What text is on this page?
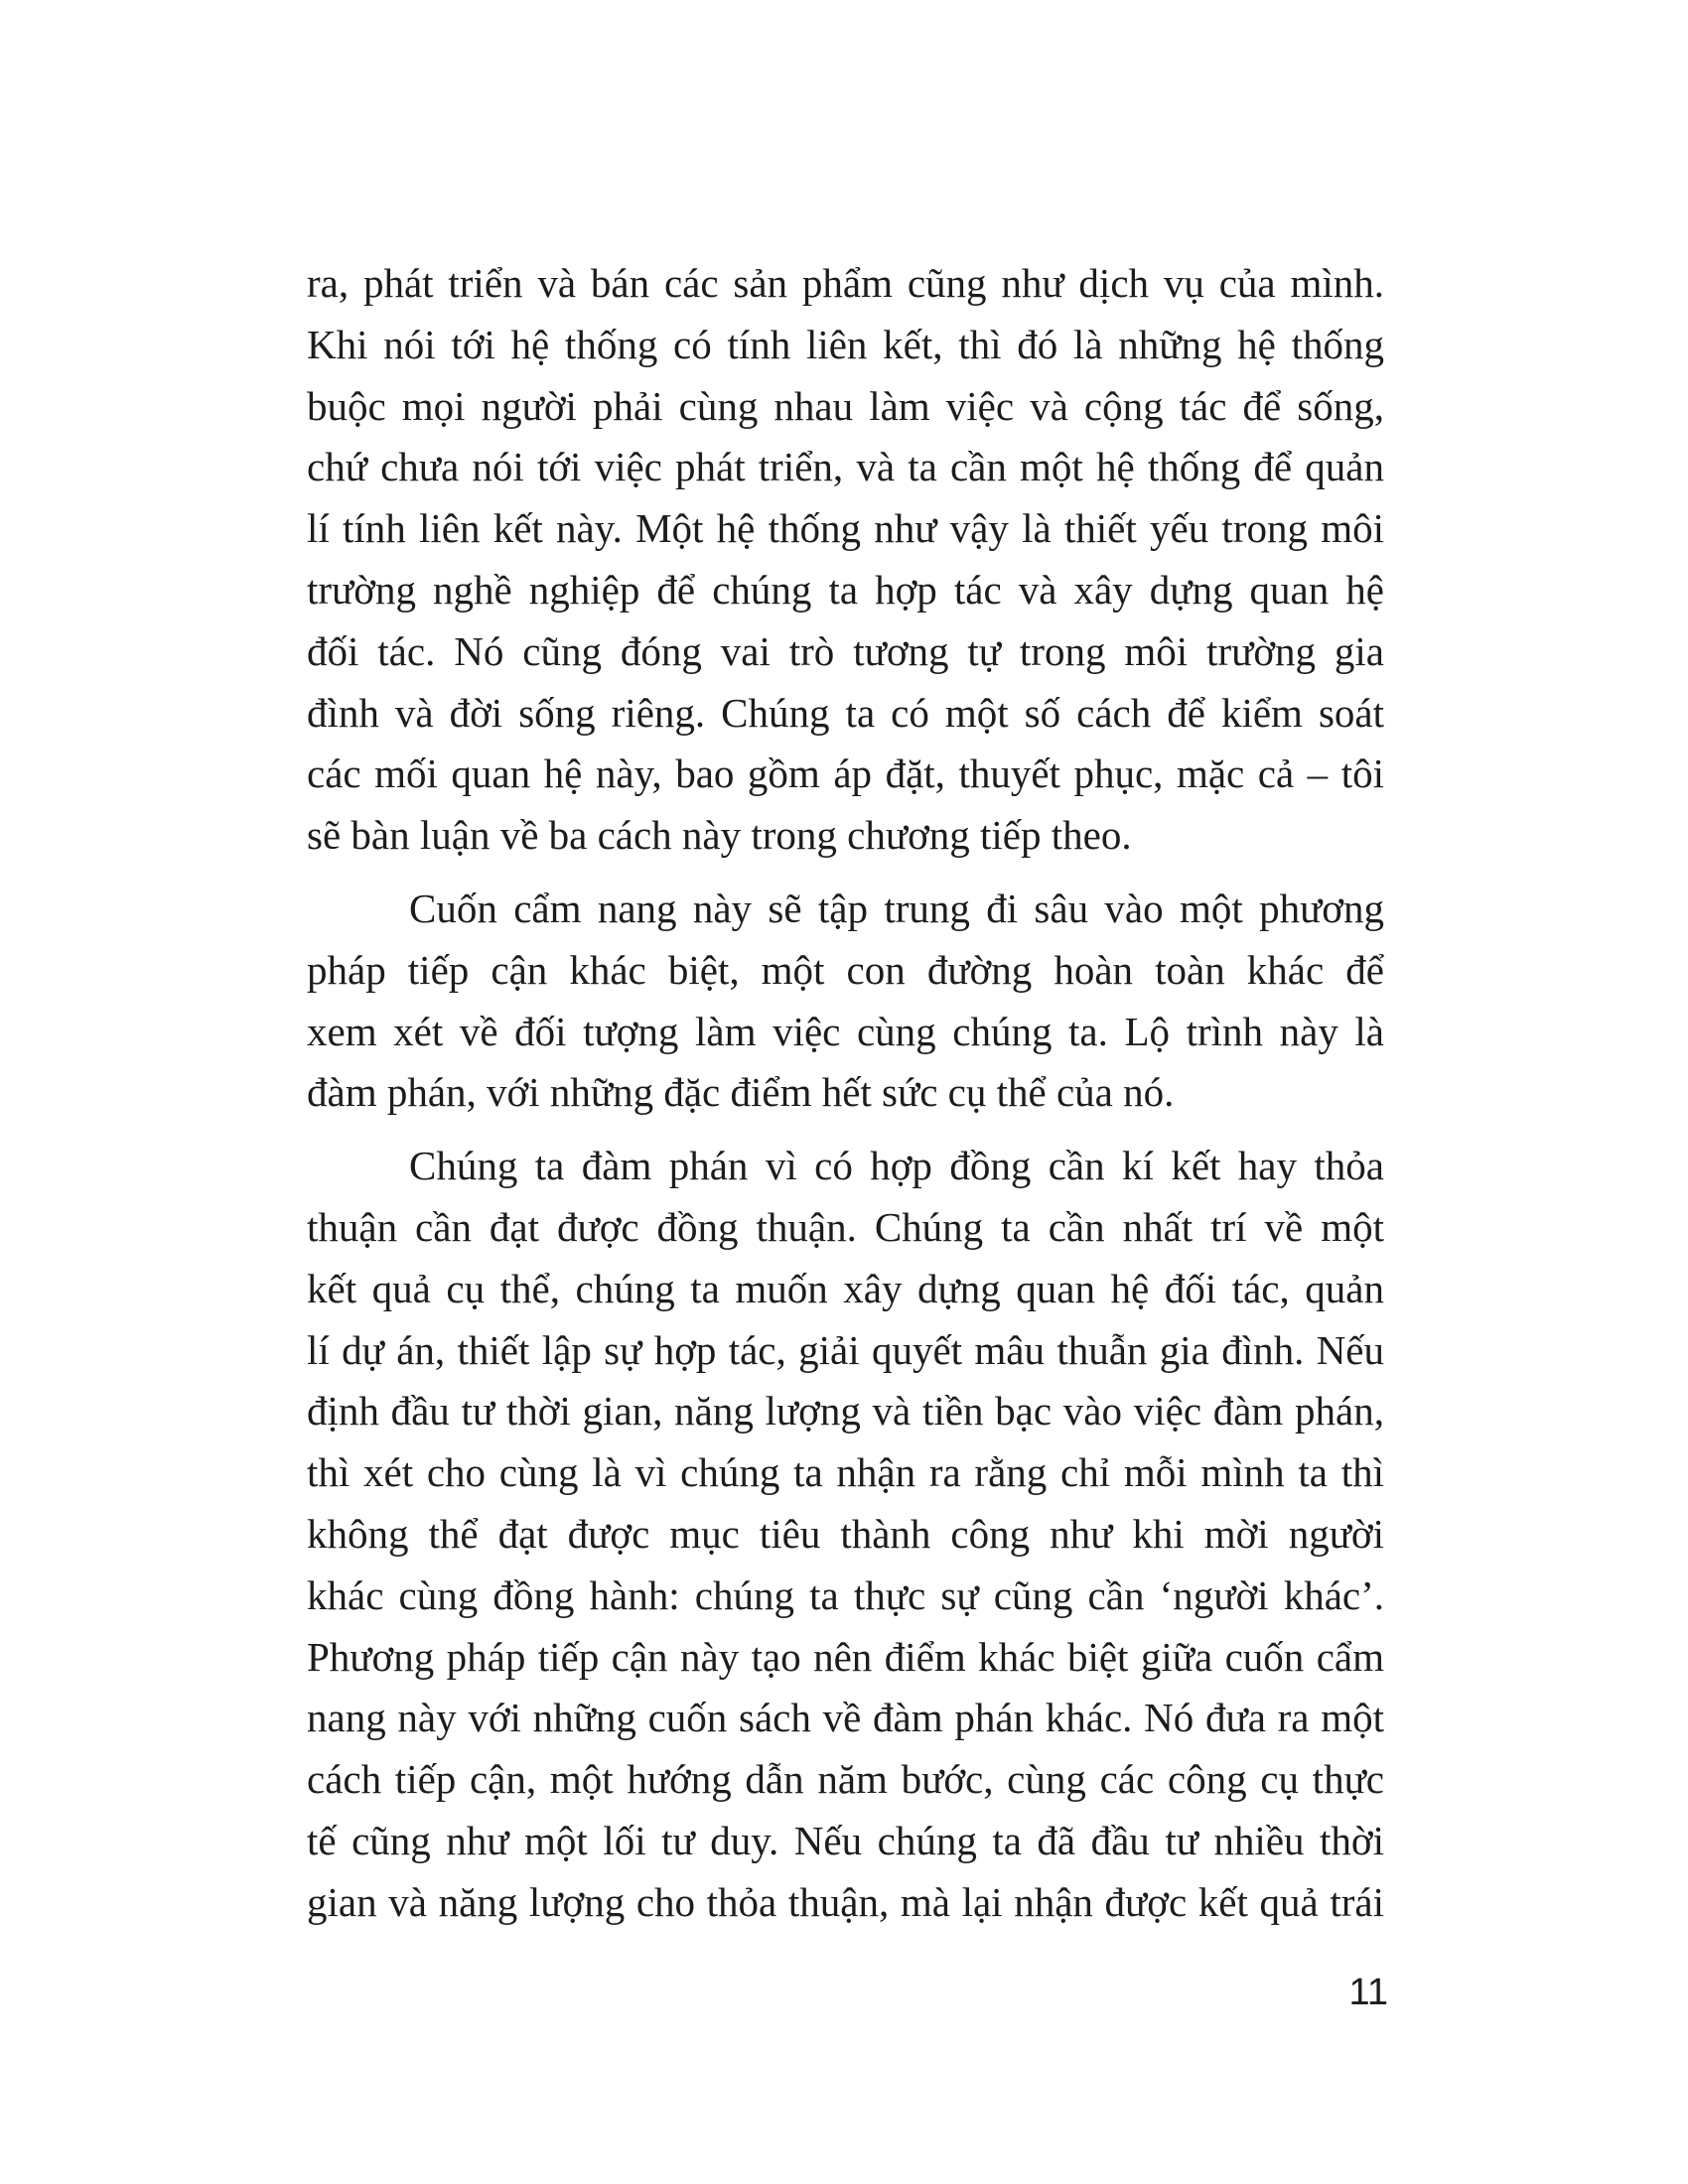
ra, phát triển và bán các sản phẩm cũng như dịch vụ của mình.
Khi nói tới hệ thống có tính liên kết, thì đó là những hệ thống
buộc mọi người phải cùng nhau làm việc và cộng tác để sống,
chứ chưa nói tới việc phát triển, và ta cần một hệ thống để quản
lí tính liên kết này. Một hệ thống như vậy là thiết yếu trong môi
trường nghề nghiệp để chúng ta hợp tác và xây dựng quan hệ
đối tác. Nó cũng đóng vai trò tương tự trong môi trường gia
đình và đời sống riêng. Chúng ta có một số cách để kiểm soát
các mối quan hệ này, bao gồm áp đặt, thuyết phục, mặc cả – tôi
sẽ bàn luận về ba cách này trong chương tiếp theo.

Cuốn cẩm nang này sẽ tập trung đi sâu vào một phương
pháp tiếp cận khác biệt, một con đường hoàn toàn khác để
xem xét về đối tượng làm việc cùng chúng ta. Lộ trình này là
đàm phán, với những đặc điểm hết sức cụ thể của nó.

Chúng ta đàm phán vì có hợp đồng cần kí kết hay thỏa
thuận cần đạt được đồng thuận. Chúng ta cần nhất trí về một
kết quả cụ thể, chúng ta muốn xây dựng quan hệ đối tác, quản
lí dự án, thiết lập sự hợp tác, giải quyết mâu thuẫn gia đình. Nếu
định đầu tư thời gian, năng lượng và tiền bạc vào việc đàm phán,
thì xét cho cùng là vì chúng ta nhận ra rằng chỉ mỗi mình ta thì
không thể đạt được mục tiêu thành công như khi mời người
khác cùng đồng hành: chúng ta thực sự cũng cần ‘người khác’.
Phương pháp tiếp cận này tạo nên điểm khác biệt giữa cuốn cẩm
nang này với những cuốn sách về đàm phán khác. Nó đưa ra một
cách tiếp cận, một hướng dẫn năm bước, cùng các công cụ thực
tế cũng như một lối tư duy. Nếu chúng ta đã đầu tư nhiều thời
gian và năng lượng cho thỏa thuận, mà lại nhận được kết quả trái

11
